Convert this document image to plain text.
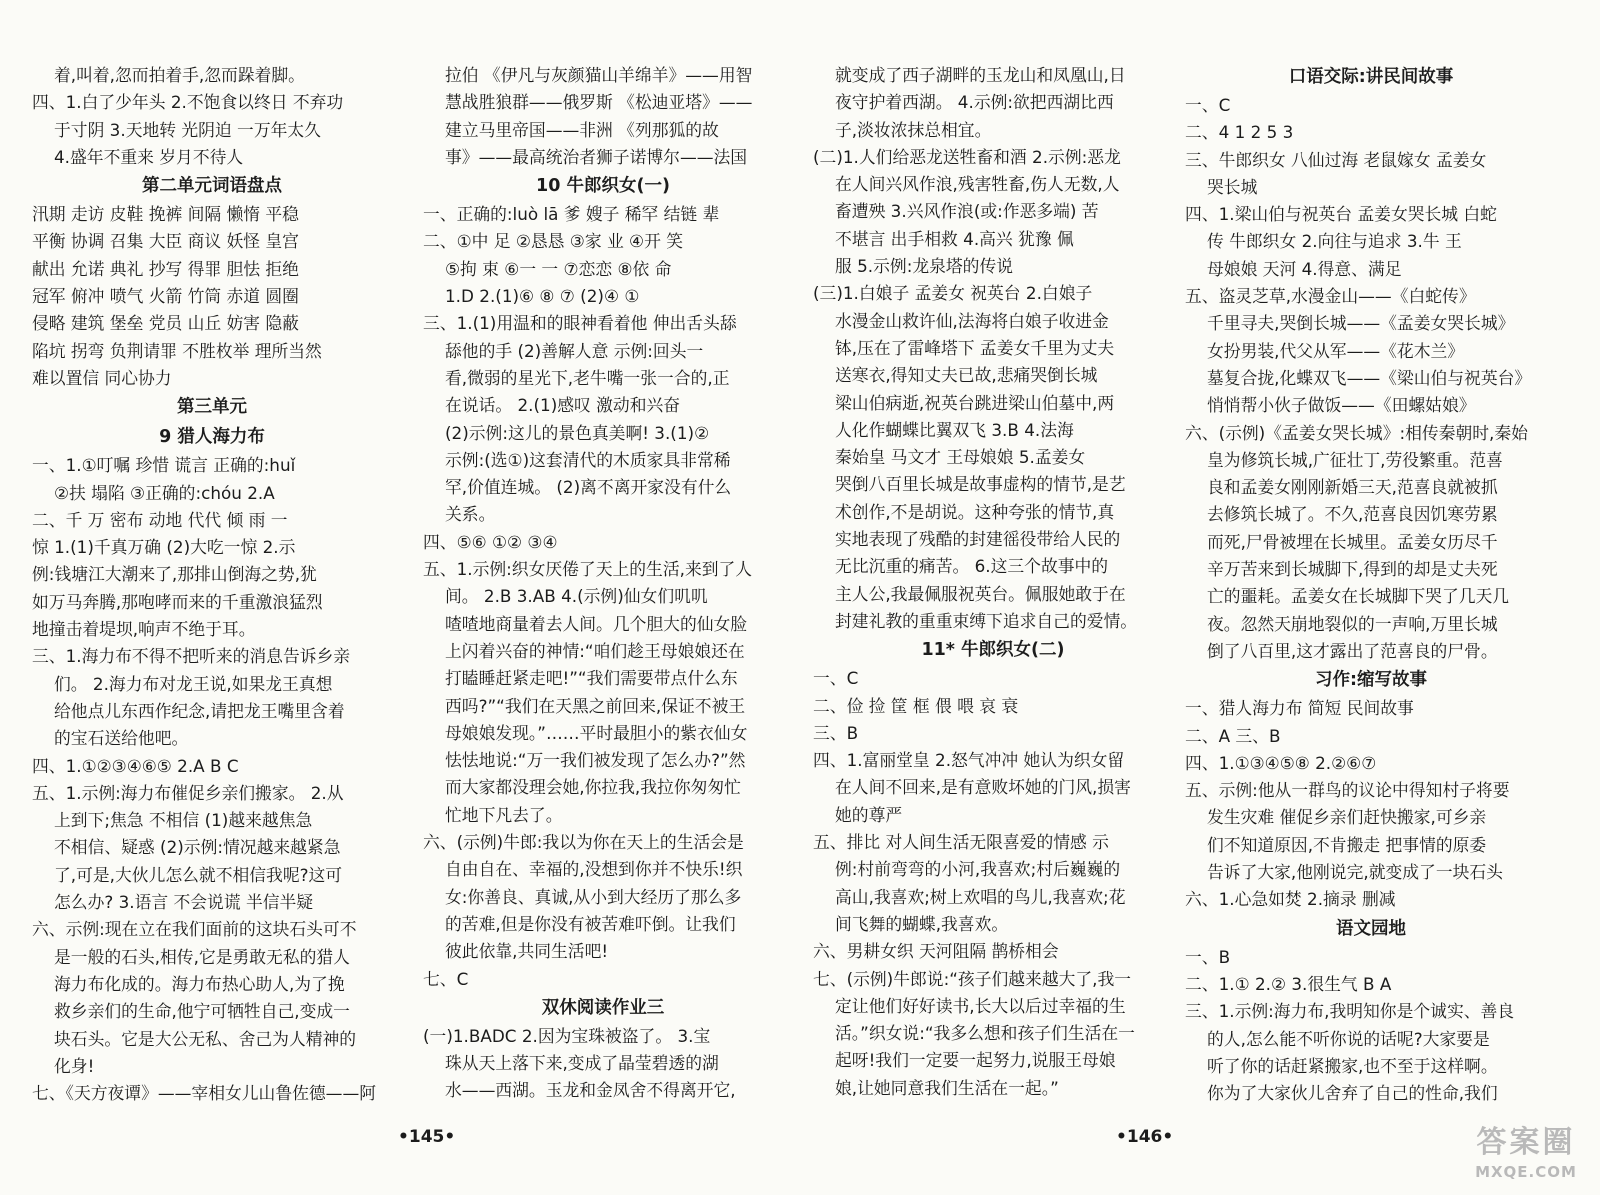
着,叫着,忽而拍着手,忽而跺着脚。
四、1.白了少年头 2.不饱食以终日 不弃功
于寸阴 3.天地转 光阴迫 一万年太久
4.盛年不重来 岁月不待人
第二单元词语盘点
汛期 走访 皮鞋 挽裤 间隔 懒惰 平稳
平衡 协调 召集 大臣 商议 妖怪 皇宫
献出 允诺 典礼 抄写 得罪 胆怯 拒绝
冠军 俯冲 喷气 火箭 竹筒 赤道 圆圈
侵略 建筑 堡垒 党员 山丘 妨害 隐蔽
陷坑 拐弯 负荆请罪 不胜枚举 理所当然
难以置信 同心协力
第三单元
9 猎人海力布
一、1.①叮嘱 珍惜 谎言 正确的:huǐ
②扶 塌陷 ③正确的:chóu 2.A
二、千 万 密布 动地 代代 倾 雨 一
惊 1.(1)千真万确 (2)大吃一惊 2.示
例:钱塘江大潮来了,那排山倒海之势,犹
如万马奔腾,那咆哮而来的千重激浪猛烈
地撞击着堤坝,响声不绝于耳。
三、1.海力布不得不把听来的消息告诉乡亲
们。 2.海力布对龙王说,如果龙王真想
给他点儿东西作纪念,请把龙王嘴里含着
的宝石送给他吧。
四、1.①②③④⑥⑤ 2.A B C
五、1.示例:海力布催促乡亲们搬家。 2.从
上到下;焦急 不相信 (1)越来越焦急
不相信、疑惑 (2)示例:情况越来越紧急
了,可是,大伙儿怎么就不相信我呢?这可
怎么办? 3.语言 不会说谎 半信半疑
六、示例:现在立在我们面前的这块石头可不
是一般的石头,相传,它是勇敢无私的猎人
海力布化成的。海力布热心助人,为了挽
救乡亲们的生命,他宁可牺牲自己,变成一
块石头。它是大公无私、舍己为人精神的
化身!
七、《天方夜谭》——宰相女儿山鲁佐德——阿
拉伯 《伊凡与灰颜猫山羊绵羊》——用智
慧战胜狼群——俄罗斯 《松迪亚塔》——
建立马里帝国——非洲 《列那狐的故
事》——最高统治者狮子诺博尔——法国
10 牛郎织女(一)
一、正确的:luò lā 爹 嫂子 稀罕 结链 辈
二、①中 足 ②恳恳 ③家 业 ④开 笑
⑤拘 束 ⑥一 一 ⑦恋恋 ⑧依 命
1.D 2.(1)⑥ ⑧ ⑦ (2)④ ①
三、1.(1)用温和的眼神看着他 伸出舌头舔
舔他的手 (2)善解人意 示例:回头一
看,微弱的星光下,老牛嘴一张一合的,正
在说话。 2.(1)感叹 激动和兴奋
(2)示例:这儿的景色真美啊! 3.(1)②
示例:(选①)这套清代的木质家具非常稀
罕,价值连城。 (2)离不离开家没有什么
关系。
四、⑤⑥ ①② ③④
五、1.示例:织女厌倦了天上的生活,来到了人
间。 2.B 3.AB 4.(示例)仙女们叽叽
喳喳地商量着去人间。几个胆大的仙女脸
上闪着兴奋的神情:“咱们趁王母娘娘还在
打瞌睡赶紧走吧!”“我们需要带点什么东
西吗?”“我们在天黑之前回来,保证不被王
母娘娘发现。”……平时最胆小的紫衣仙女
怯怯地说:“万一我们被发现了怎么办?”然
而大家都没理会她,你拉我,我拉你匆匆忙
忙地下凡去了。
六、(示例)牛郎:我以为你在天上的生活会是
自由自在、幸福的,没想到你并不快乐!织
女:你善良、真诚,从小到大经历了那么多
的苦难,但是你没有被苦难吓倒。让我们
彼此依靠,共同生活吧!
七、C
双休阅读作业三
(一)1.BADC 2.因为宝珠被盗了。 3.宝
珠从天上落下来,变成了晶莹碧透的湖
水——西湖。玉龙和金凤舍不得离开它,
就变成了西子湖畔的玉龙山和凤凰山,日
夜守护着西湖。 4.示例:欲把西湖比西
子,淡妆浓抹总相宜。
(二)1.人们给恶龙送牲畜和酒 2.示例:恶龙
在人间兴风作浪,残害牲畜,伤人无数,人
畜遭殃 3.兴风作浪(或:作恶多端) 苦
不堪言 出手相救 4.高兴 犹豫 佩
服 5.示例:龙泉塔的传说
(三)1.白娘子 孟姜女 祝英台 2.白娘子
水漫金山救许仙,法海将白娘子收进金
钵,压在了雷峰塔下 孟姜女千里为丈夫
送寒衣,得知丈夫已故,悲痛哭倒长城
梁山伯病逝,祝英台跳进梁山伯墓中,两
人化作蝴蝶比翼双飞 3.B 4.法海
秦始皇 马文才 王母娘娘 5.孟姜女
哭倒八百里长城是故事虚构的情节,是艺
术创作,不是胡说。这种夸张的情节,真
实地表现了残酷的封建徭役带给人民的
无比沉重的痛苦。 6.这三个故事中的
主人公,我最佩服祝英台。佩服她敢于在
封建礼教的重重束缚下追求自己的爱情。
11* 牛郎织女(二)
一、C
二、俭 捡 筐 框 偎 喂 哀 衰
三、B
四、1.富丽堂皇 2.怒气冲冲 她认为织女留
在人间不回来,是有意败坏她的门风,损害
她的尊严
五、排比 对人间生活无限喜爱的情感 示
例:村前弯弯的小河,我喜欢;村后巍巍的
高山,我喜欢;树上欢唱的鸟儿,我喜欢;花
间飞舞的蝴蝶,我喜欢。
六、男耕女织 天河阻隔 鹊桥相会
七、(示例)牛郎说:“孩子们越来越大了,我一
定让他们好好读书,长大以后过幸福的生
活。”织女说:“我多么想和孩子们生活在一
起呀!我们一定要一起努力,说服王母娘
娘,让她同意我们生活在一起。”
口语交际:讲民间故事
一、C
二、4 1 2 5 3
三、牛郎织女 八仙过海 老鼠嫁女 孟姜女
哭长城
四、1.梁山伯与祝英台 孟姜女哭长城 白蛇
传 牛郎织女 2.向往与追求 3.牛 王
母娘娘 天河 4.得意、满足
五、盗灵芝草,水漫金山——《白蛇传》
千里寻夫,哭倒长城——《孟姜女哭长城》
女扮男装,代父从军——《花木兰》
墓复合拢,化蝶双飞——《梁山伯与祝英台》
悄悄帮小伙子做饭——《田螺姑娘》
六、(示例)《孟姜女哭长城》:相传秦朝时,秦始
皇为修筑长城,广征壮丁,劳役繁重。范喜
良和孟姜女刚刚新婚三天,范喜良就被抓
去修筑长城了。不久,范喜良因饥寒劳累
而死,尸骨被埋在长城里。孟姜女历尽千
辛万苦来到长城脚下,得到的却是丈夫死
亡的噩耗。孟姜女在长城脚下哭了几天几
夜。忽然天崩地裂似的一声响,万里长城
倒了八百里,这才露出了范喜良的尸骨。
习作:缩写故事
一、猎人海力布 简短 民间故事
二、A 三、B
四、1.①③④⑤⑧ 2.②⑥⑦
五、示例:他从一群鸟的议论中得知村子将要
发生灾难 催促乡亲们赶快搬家,可乡亲
们不知道原因,不肯搬走 把事情的原委
告诉了大家,他刚说完,就变成了一块石头
六、1.心急如焚 2.摘录 删减
语文园地
一、B
二、1.① 2.② 3.很生气 B A
三、1.示例:海力布,我明知你是个诚实、善良
的人,怎么能不听你说的话呢?大家要是
听了你的话赶紧搬家,也不至于这样啊。
你为了大家伙儿舍弃了自己的性命,我们
•145•	•146•	答案圈
MXQE.COM
